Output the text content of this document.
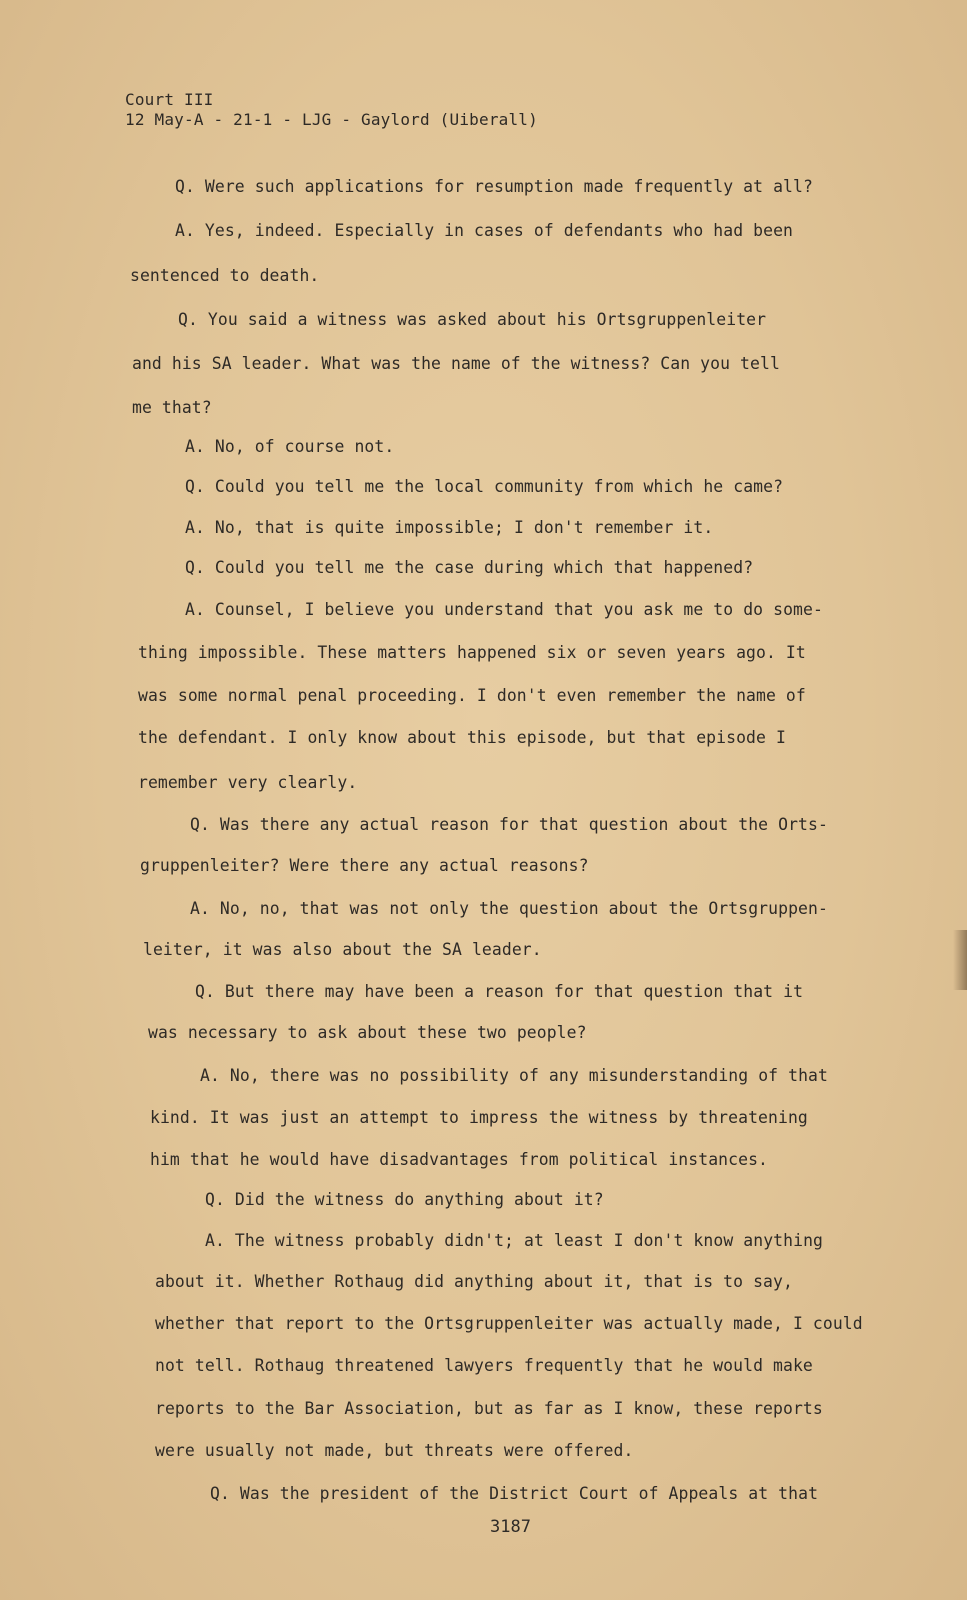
Court III
12 May-A - 21-1 - LJG - Gaylord (Uiberall)
Q. Were such applications for resumption made frequently at all?
A. Yes, indeed. Especially in cases of defendants who had been
sentenced to death.
Q. You said a witness was asked about his Ortsgruppenleiter
and his SA leader. What was the name of the witness? Can you tell
me that?
A. No, of course not.
Q. Could you tell me the local community from which he came?
A. No, that is quite impossible; I don't remember it.
Q. Could you tell me the case during which that happened?
A. Counsel, I believe you understand that you ask me to do some-
thing impossible. These matters happened six or seven years ago. It
was some normal penal proceeding. I don't even remember the name of
the defendant. I only know about this episode, but that episode I
remember very clearly.
Q. Was there any actual reason for that question about the Orts-
gruppenleiter? Were there any actual reasons?
A. No, no, that was not only the question about the Ortsgruppen-
leiter, it was also about the SA leader.
Q. But there may have been a reason for that question that it
was necessary to ask about these two people?
A. No, there was no possibility of any misunderstanding of that
kind. It was just an attempt to impress the witness by threatening
him that he would have disadvantages from political instances.
Q. Did the witness do anything about it?
A. The witness probably didn't; at least I don't know anything
about it. Whether Rothaug did anything about it, that is to say,
whether that report to the Ortsgruppenleiter was actually made, I could
not tell. Rothaug threatened lawyers frequently that he would make
reports to the Bar Association, but as far as I know, these reports
were usually not made, but threats were offered.
Q. Was the president of the District Court of Appeals at that
3187
